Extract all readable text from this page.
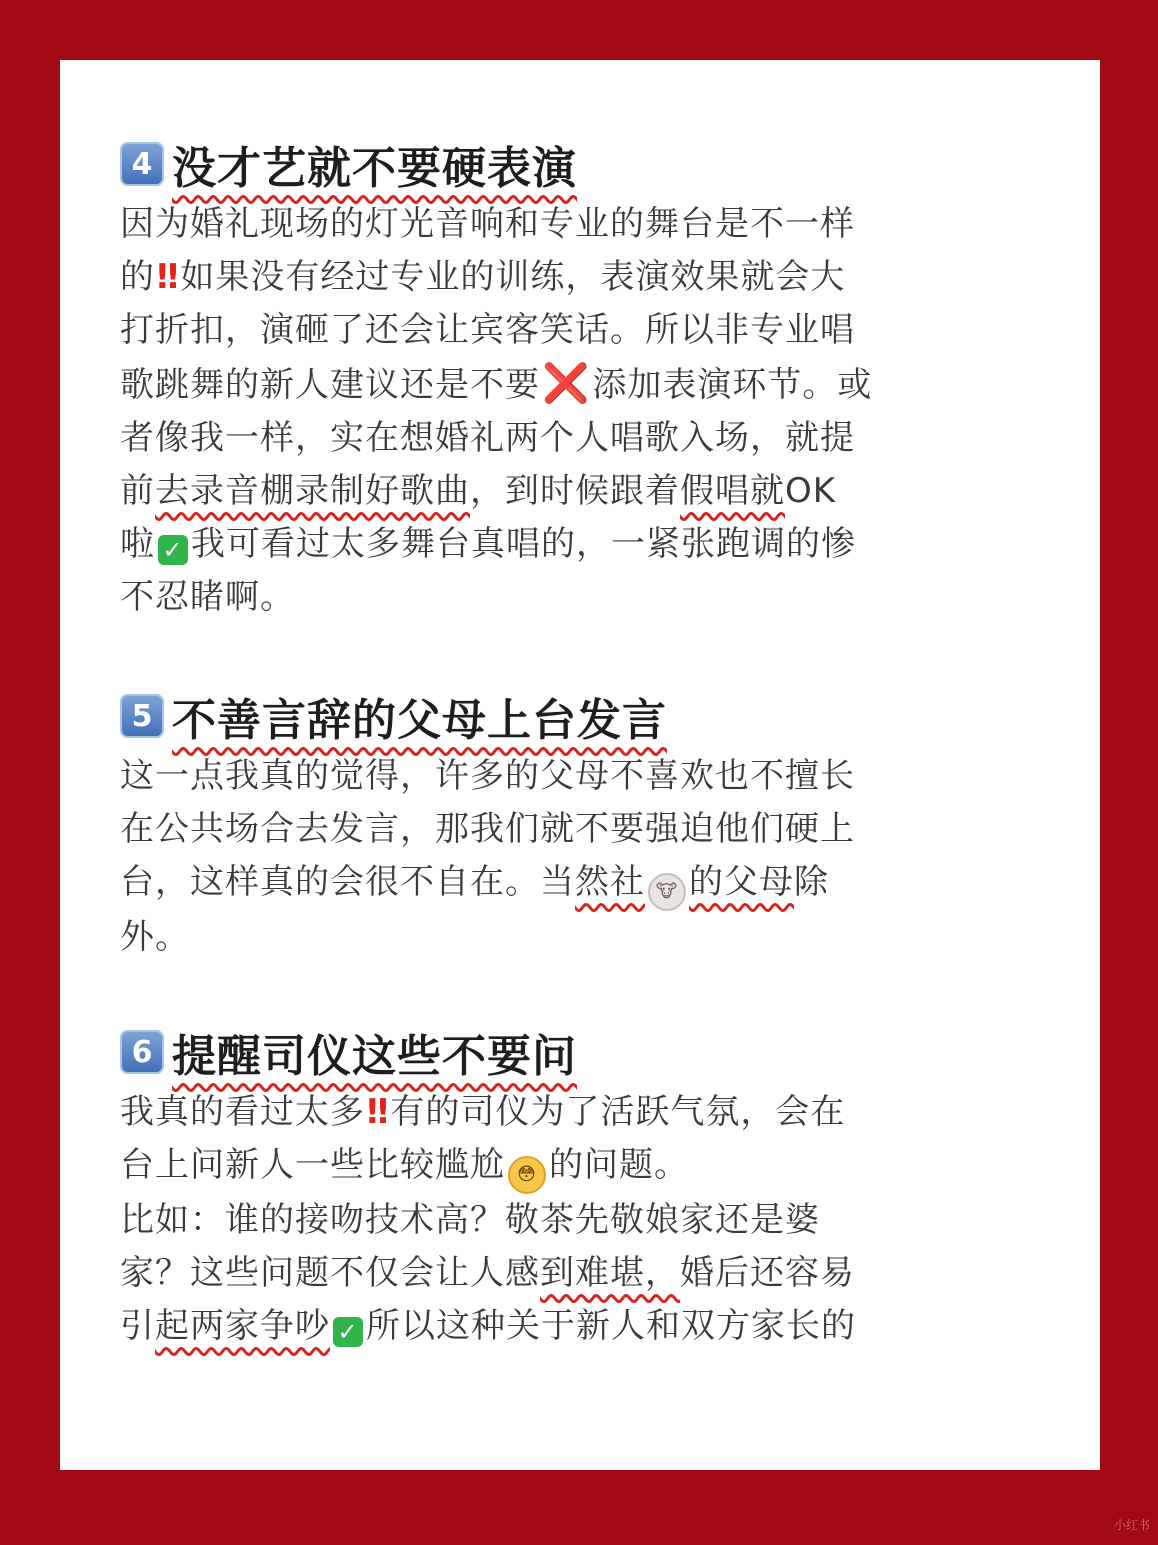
4 没才艺就不要硬表演
因为婚礼现场的灯光音响和专业的舞台是不一样
的‼ 如果没有经过专业的训练，表演效果就会大
打折扣，演砸了还会让宾客笑话。所以非专业唱
歌跳舞的新人建议还是不要❌添加表演环节。或
者像我一样，实在想婚礼两个人唱歌入场，就提
前去录音棚录制好歌曲，到时候跟着假唱就OK
啦 ✓ 我可看过太多舞台真唱的，一紧张跑调的惨
不忍睹啊。
5 不善言辞的父母上台发言
这一点我真的觉得，许多的父母不喜欢也不擅长
在公共场合去发言，那我们就不要强迫他们硬上
台，这样真的会很不自在。当然社 🐮 的父母除
外。
6 提醒司仪这些不要问
我真的看过太多‼ 有的司仪为了活跃气氛，会在
台上问新人一些比较尴尬 😳 的问题。
比如：谁的接吻技术高？敬茶先敬娘家还是婆
家？这些问题不仅会让人感到难堪，婚后还容易
引起两家争吵 ✓ 所以这种关于新人和双方家长的
小红书
